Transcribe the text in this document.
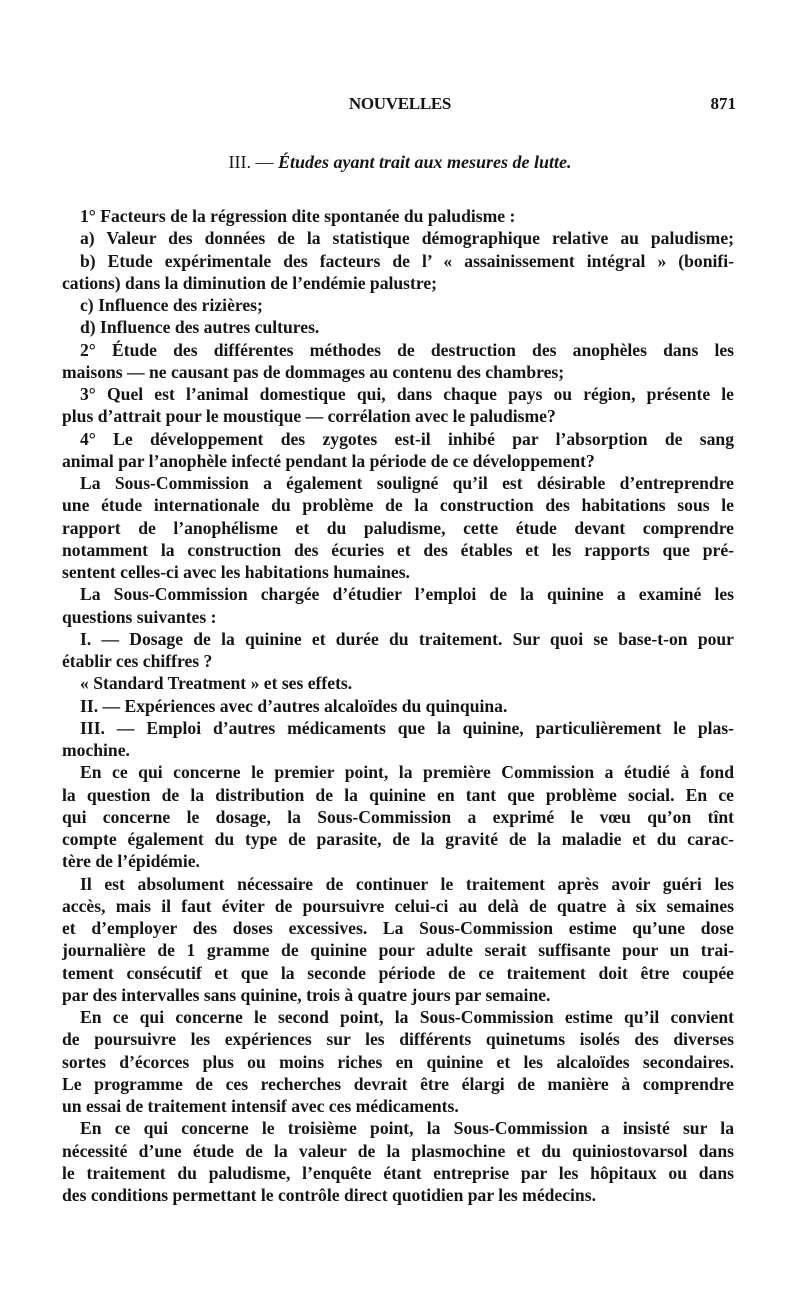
NOUVELLES	871
III. — Études ayant trait aux mesures de lutte.
1° Facteurs de la régression dite spontanée du paludisme :
a) Valeur des données de la statistique démographique relative au paludisme;
b) Etude expérimentale des facteurs de l’ « assainissement intégral » (bonifi-
cations) dans la diminution de l’endémie palustre;
c) Influence des rizières;
d) Influence des autres cultures.
2° Étude des différentes méthodes de destruction des anophèles dans les
maisons — ne causant pas de dommages au contenu des chambres;
3° Quel est l’animal domestique qui, dans chaque pays ou région, présente le
plus d’attrait pour le moustique — corrélation avec le paludisme?
4° Le développement des zygotes est-il inhibé par l’absorption de sang
animal par l’anophèle infecté pendant la période de ce développement?
La Sous-Commission a également souligné qu’il est désirable d’entreprendre
une étude internationale du problème de la construction des habitations sous le
rapport de l’anophélisme et du paludisme, cette étude devant comprendre
notamment la construction des écuries et des étables et les rapports que pré-
sentent celles-ci avec les habitations humaines.
La Sous-Commission chargée d’étudier l’emploi de la quinine a examiné les
questions suivantes :
I. — Dosage de la quinine et durée du traitement. Sur quoi se base-t-on pour
établir ces chiffres ?
« Standard Treatment » et ses effets.
II. — Expériences avec d’autres alcaloïdes du quinquina.
III. — Emploi d’autres médicaments que la quinine, particulièrement le plas-
mochine.
En ce qui concerne le premier point, la première Commission a étudié à fond
la question de la distribution de la quinine en tant que problème social. En ce
qui concerne le dosage, la Sous-Commission a exprimé le vœu qu’on tînt
compte également du type de parasite, de la gravité de la maladie et du carac-
tère de l’épidémie.
Il est absolument nécessaire de continuer le traitement après avoir guéri les
accès, mais il faut éviter de poursuivre celui-ci au delà de quatre à six semaines
et d’employer des doses excessives. La Sous-Commission estime qu’une dose
journalière de 1 gramme de quinine pour adulte serait suffisante pour un trai-
tement consécutif et que la seconde période de ce traitement doit être coupée
par des intervalles sans quinine, trois à quatre jours par semaine.
En ce qui concerne le second point, la Sous-Commission estime qu’il convient
de poursuivre les expériences sur les différents quinetums isolés des diverses
sortes d’écorces plus ou moins riches en quinine et les alcaloïdes secondaires.
Le programme de ces recherches devrait être élargi de manière à comprendre
un essai de traitement intensif avec ces médicaments.
En ce qui concerne le troisième point, la Sous-Commission a insisté sur la
nécessité d’une étude de la valeur de la plasmochine et du quiniostovarsol dans
le traitement du paludisme, l’enquête étant entreprise par les hôpitaux ou dans
des conditions permettant le contrôle direct quotidien par les médecins.
